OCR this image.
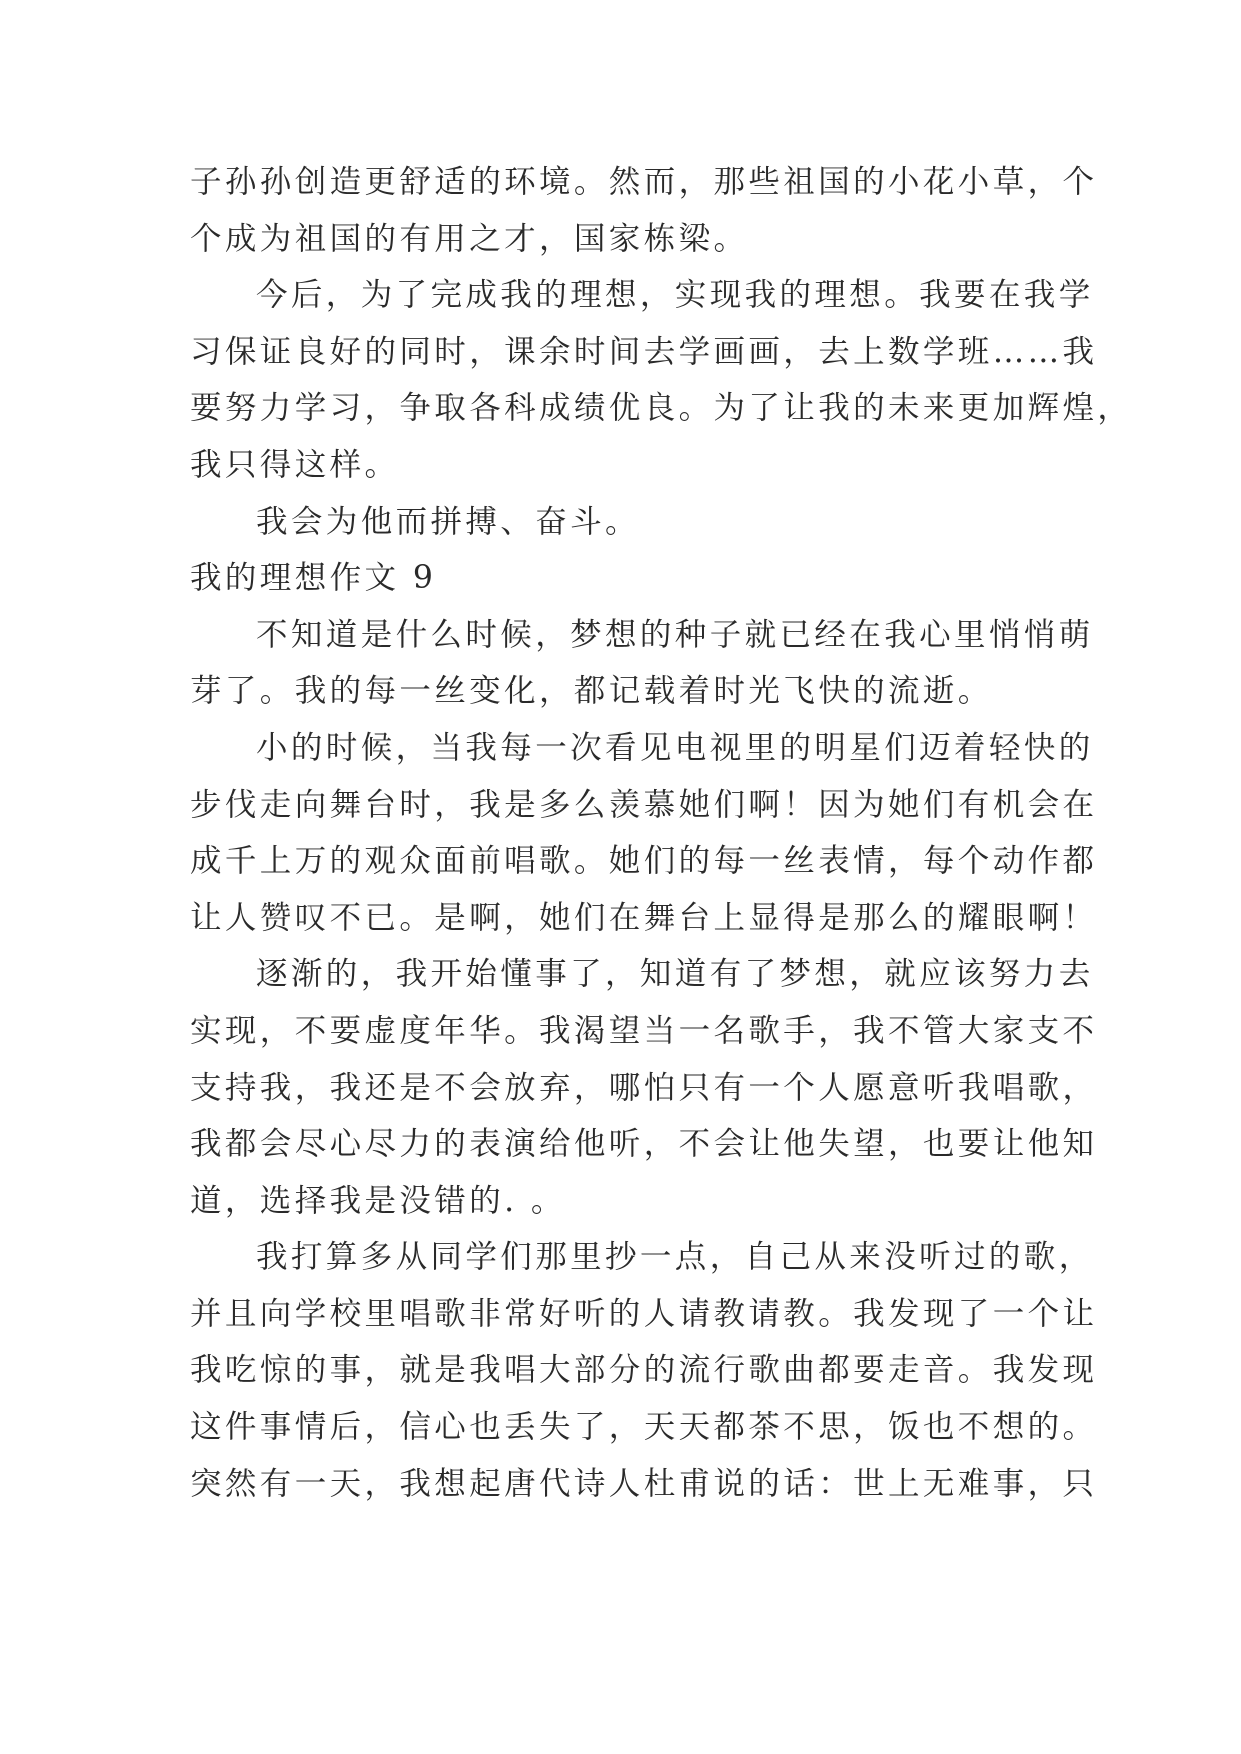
子孙孙创造更舒适的环境。然而，那些祖国的小花小草，个
个成为祖国的有用之才，国家栋梁。
今后，为了完成我的理想，实现我的理想。我要在我学
习保证良好的同时，课余时间去学画画，去上数学班……我
要努力学习，争取各科成绩优良。为了让我的未来更加辉煌，
我只得这样。
我会为他而拼搏、奋斗。
我的理想作文 9
不知道是什么时候，梦想的种子就已经在我心里悄悄萌
芽了。我的每一丝变化，都记载着时光飞快的流逝。
小的时候，当我每一次看见电视里的明星们迈着轻快的
步伐走向舞台时，我是多么羡慕她们啊！因为她们有机会在
成千上万的观众面前唱歌。她们的每一丝表情，每个动作都
让人赞叹不已。是啊，她们在舞台上显得是那么的耀眼啊！
逐渐的，我开始懂事了，知道有了梦想，就应该努力去
实现，不要虚度年华。我渴望当一名歌手，我不管大家支不
支持我，我还是不会放弃，哪怕只有一个人愿意听我唱歌，
我都会尽心尽力的表演给他听，不会让他失望，也要让他知
道，选择我是没错的. 。
我打算多从同学们那里抄一点，自己从来没听过的歌，
并且向学校里唱歌非常好听的人请教请教。我发现了一个让
我吃惊的事，就是我唱大部分的流行歌曲都要走音。我发现
这件事情后，信心也丢失了，天天都茶不思，饭也不想的。
突然有一天，我想起唐代诗人杜甫说的话：世上无难事，只
